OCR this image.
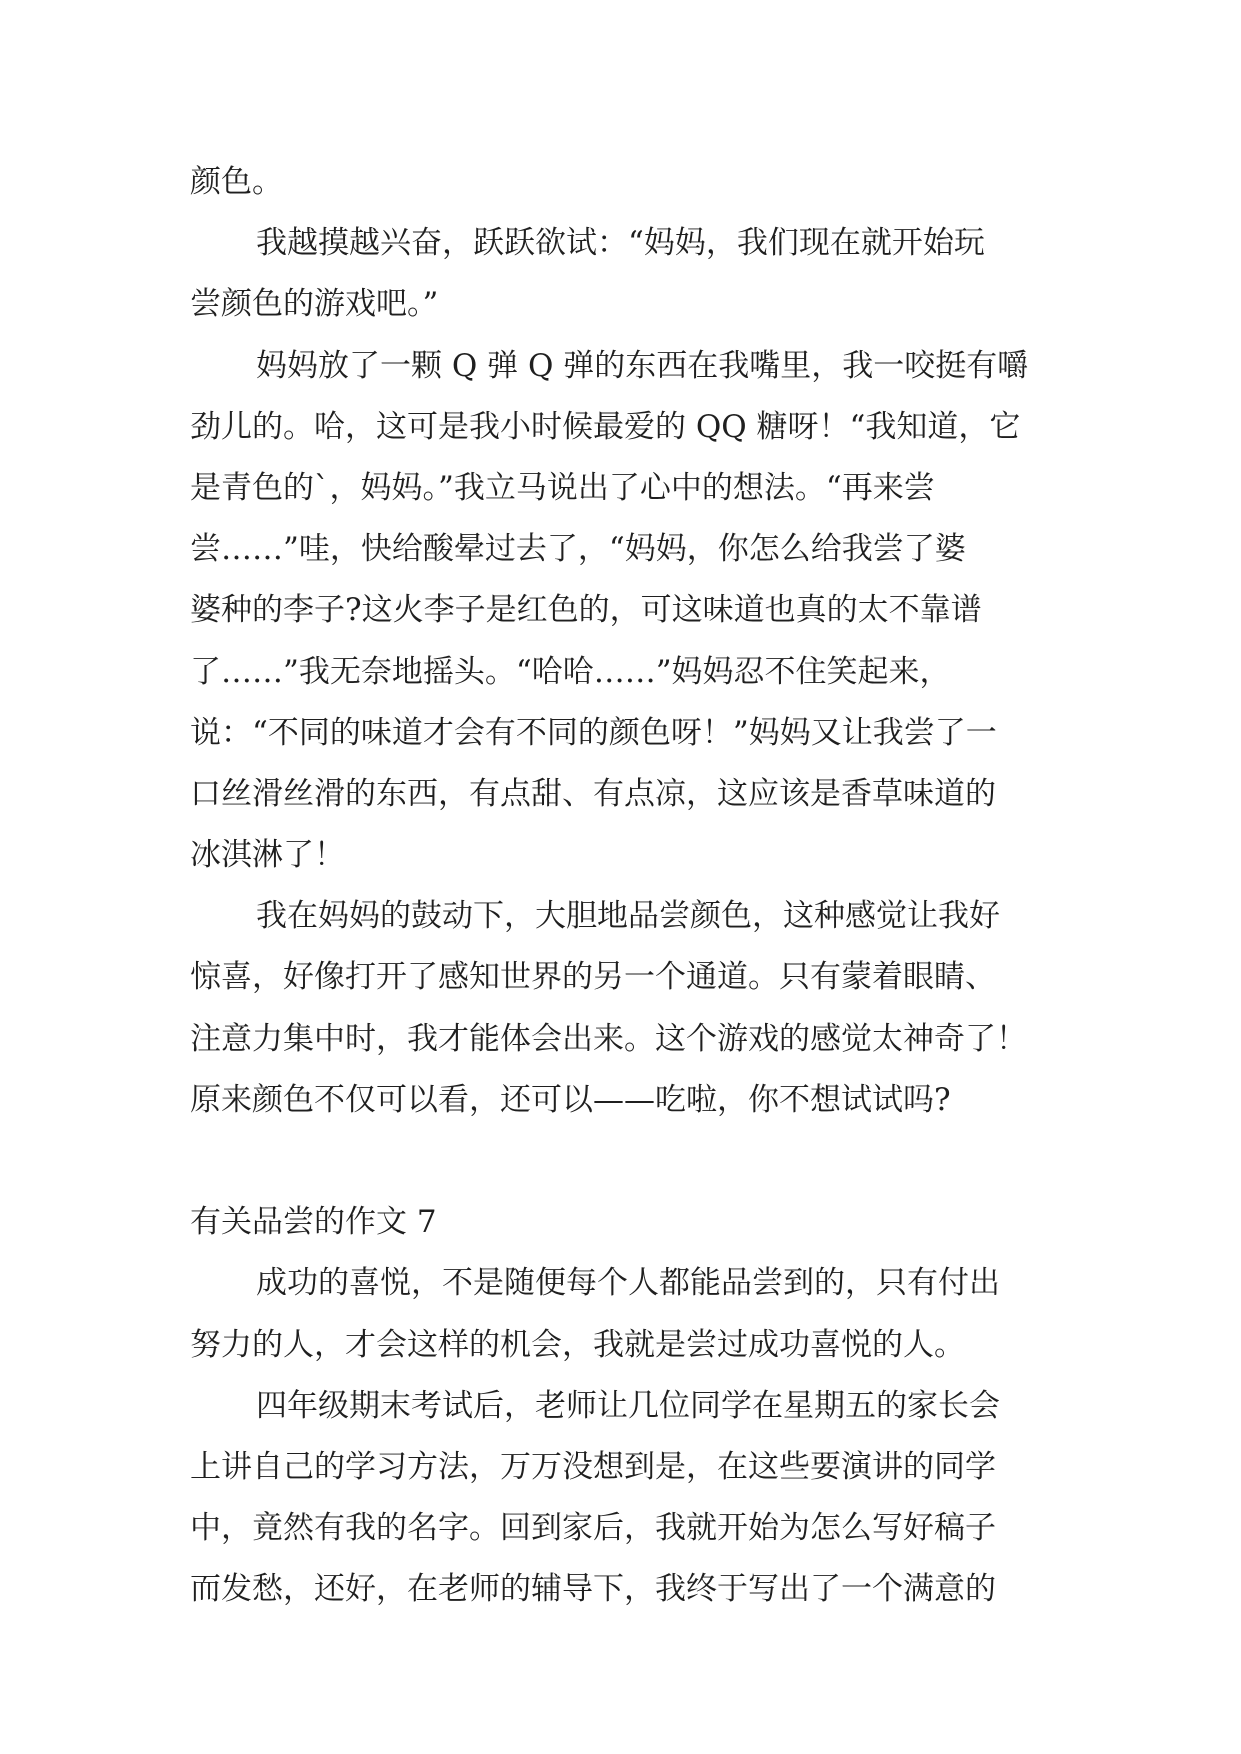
颜色。
我越摸越兴奋，跃跃欲试：“妈妈，我们现在就开始玩
尝颜色的游戏吧。”
妈妈放了一颗 Q 弹 Q 弹的东西在我嘴里，我一咬挺有嚼
劲儿的。哈，这可是我小时候最爱的 QQ 糖呀！“我知道，它
是青色的`，妈妈。”我立马说出了心中的想法。“再来尝
尝……”哇，快给酸晕过去了，“妈妈，你怎么给我尝了婆
婆种的李子?这火李子是红色的，可这味道也真的太不靠谱
了……”我无奈地摇头。“哈哈……”妈妈忍不住笑起来，
说：“不同的味道才会有不同的颜色呀！”妈妈又让我尝了一
口丝滑丝滑的东西，有点甜、有点凉，这应该是香草味道的
冰淇淋了！
我在妈妈的鼓动下，大胆地品尝颜色，这种感觉让我好
惊喜，好像打开了感知世界的另一个通道。只有蒙着眼睛、
注意力集中时，我才能体会出来。这个游戏的感觉太神奇了！
原来颜色不仅可以看，还可以——吃啦，你不想试试吗?
有关品尝的作文 7
成功的喜悦，不是随便每个人都能品尝到的，只有付出
努力的人，才会这样的机会，我就是尝过成功喜悦的人。
四年级期末考试后，老师让几位同学在星期五的家长会
上讲自己的学习方法，万万没想到是，在这些要演讲的同学
中，竟然有我的名字。回到家后，我就开始为怎么写好稿子
而发愁，还好，在老师的辅导下，我终于写出了一个满意的
